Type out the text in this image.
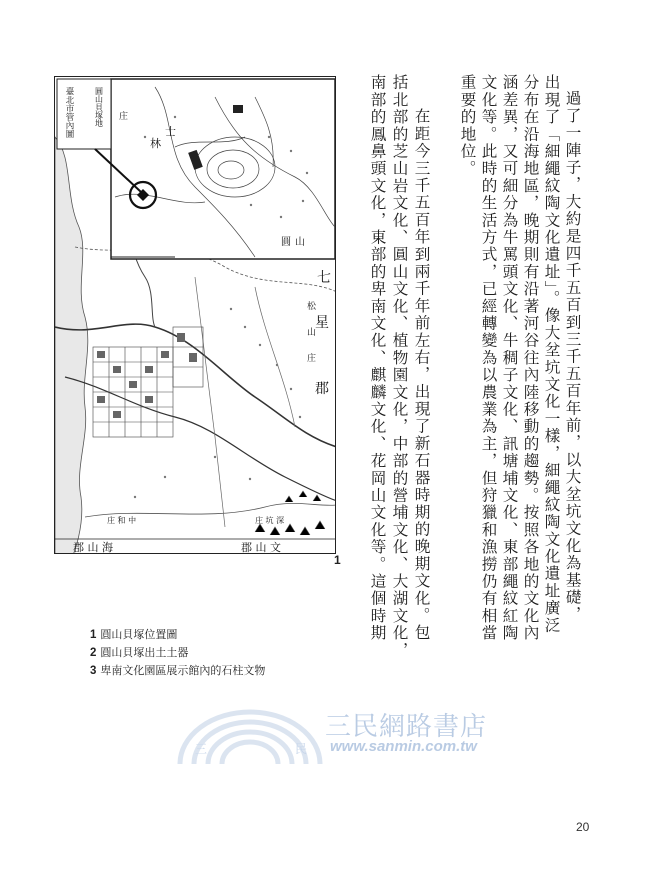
臺北市管內圖	圓山貝塚地
七
松
山
庄
星
郡
士
林
庄
圓 山
庄 和 中	庄 坑 深
郡 山 海	郡 山 文
1	過了一陣子，大約是四千五百到三千五百年前，以大坌坑文化為基礎，
出現了「細繩紋陶文化遺址」。像大坌坑文化一樣，細繩紋陶文化遺址廣泛
分布在沿海地區，晚期則有沿著河谷往內陸移動的趨勢。按照各地的文化內
涵差異，又可細分為牛罵頭文化、牛稠子文化、訊塘埔文化、東部繩紋紅陶
文化等。此時的生活方式，已經轉變為以農業為主，但狩獵和漁撈仍有相當
重要的地位。
在距今三千五百年到兩千年前左右，出現了新石器時期的晚期文化。包
括北部的芝山岩文化、圓山文化、植物園文化，中部的營埔文化、大湖文化，
南部的鳳鼻頭文化，東部的卑南文化、麒麟文化、花岡山文化等。這個時期
1 圓山貝塚位置圖
2 圓山貝塚出土土器
3 卑南文化園區展示館內的石柱文物
三	民
三民網路書店
www.sanmin.com.tw
20
